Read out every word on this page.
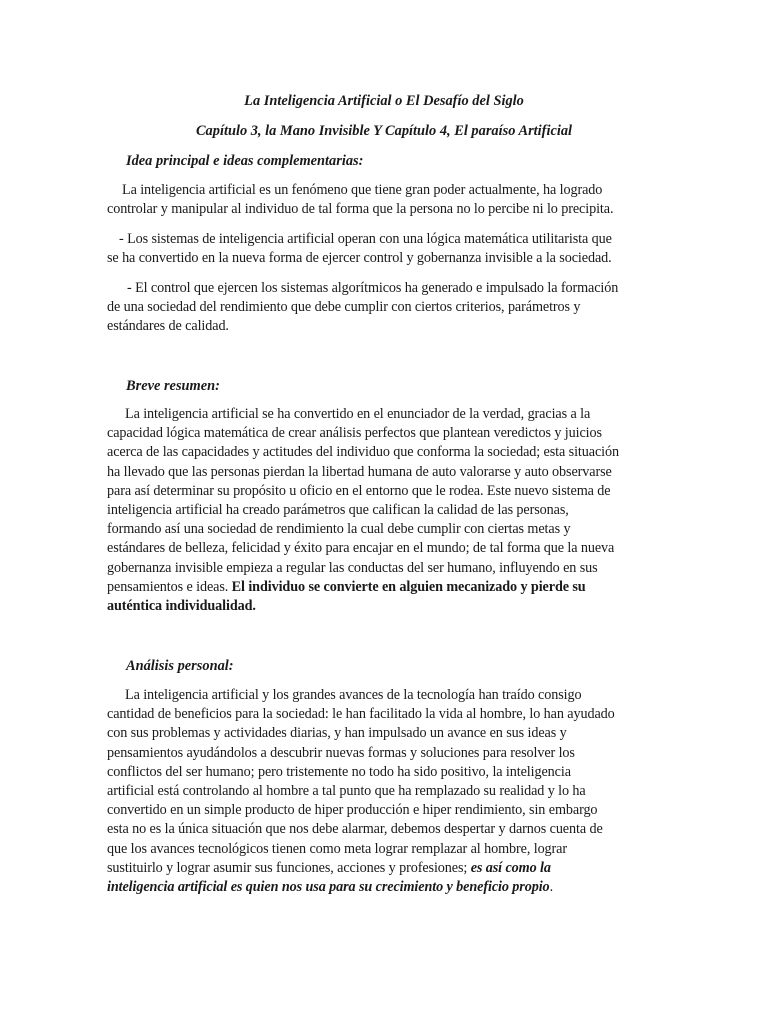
La Inteligencia Artificial o El Desafío del Siglo

Capítulo 3, la Mano Invisible Y Capítulo 4, El paraíso Artificial

Idea principal e ideas complementarias:

La inteligencia artificial es un fenómeno que tiene gran poder actualmente, ha logrado
controlar y manipular al individuo de tal forma que la persona no lo percibe ni lo precipita.
- Los sistemas de inteligencia artificial operan con una lógica matemática utilitarista que
se ha convertido en la nueva forma de ejercer control y gobernanza invisible a la sociedad.
- El control que ejercen los sistemas algorítmicos ha generado e impulsado la formación
de una sociedad del rendimiento que debe cumplir con ciertos criterios, parámetros y
estándares de calidad.

Breve resumen:

La inteligencia artificial se ha convertido en el enunciador de la verdad, gracias a la
capacidad lógica matemática de crear análisis perfectos que plantean veredictos y juicios
acerca de las capacidades y actitudes del individuo que conforma la sociedad; esta situación
ha llevado que las personas pierdan la libertad humana de auto valorarse y auto observarse
para así determinar su propósito u oficio en el entorno que le rodea. Este nuevo sistema de
inteligencia artificial ha creado parámetros que califican la calidad de las personas,
formando así una sociedad de rendimiento la cual debe cumplir con ciertas metas y
estándares de belleza, felicidad y éxito para encajar en el mundo; de tal forma que la nueva
gobernanza invisible empieza a regular las conductas del ser humano, influyendo en sus
pensamientos e ideas. El individuo se convierte en alguien mecanizado y pierde su
auténtica individualidad.

Análisis personal:

La inteligencia artificial y los grandes avances de la tecnología han traído consigo
cantidad de beneficios para la sociedad: le han facilitado la vida al hombre, lo han ayudado
con sus problemas y actividades diarias, y han impulsado un avance en sus ideas y
pensamientos ayudándolos a descubrir nuevas formas y soluciones para resolver los
conflictos del ser humano; pero tristemente no todo ha sido positivo, la inteligencia
artificial está controlando al hombre a tal punto que ha remplazado su realidad y lo ha
convertido en un simple producto de hiper producción e hiper rendimiento, sin embargo
esta no es la única situación que nos debe alarmar, debemos despertar y darnos cuenta de
que los avances tecnológicos tienen como meta lograr remplazar al hombre, lograr
sustituirlo y lograr asumir sus funciones, acciones y profesiones; es así como la
inteligencia artificial es quien nos usa para su crecimiento y beneficio propio.
